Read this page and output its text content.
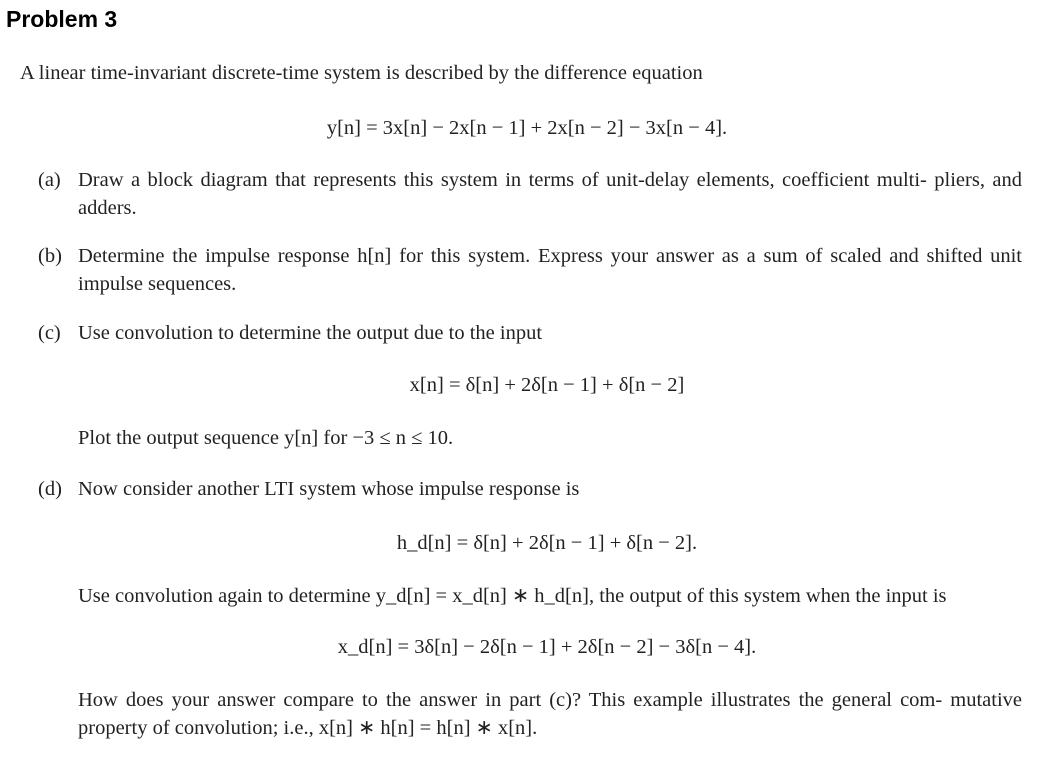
Problem 3
A linear time-invariant discrete-time system is described by the difference equation
y[n] = 3x[n] − 2x[n − 1] + 2x[n − 2] − 3x[n − 4].
(a) Draw a block diagram that represents this system in terms of unit-delay elements, coefficient multi- pliers, and adders.
(b) Determine the impulse response h[n] for this system. Express your answer as a sum of scaled and shifted unit impulse sequences.
(c) Use convolution to determine the output due to the input
x[n] = δ[n] + 2δ[n − 1] + δ[n − 2]
Plot the output sequence y[n] for −3 ≤ n ≤ 10.
(d) Now consider another LTI system whose impulse response is
h_d[n] = δ[n] + 2δ[n − 1] + δ[n − 2].
Use convolution again to determine y_d[n] = x_d[n] ∗ h_d[n], the output of this system when the input is
x_d[n] = 3δ[n] − 2δ[n − 1] + 2δ[n − 2] − 3δ[n − 4].
How does your answer compare to the answer in part (c)? This example illustrates the general com- mutative property of convolution; i.e., x[n] ∗ h[n] = h[n] ∗ x[n].
